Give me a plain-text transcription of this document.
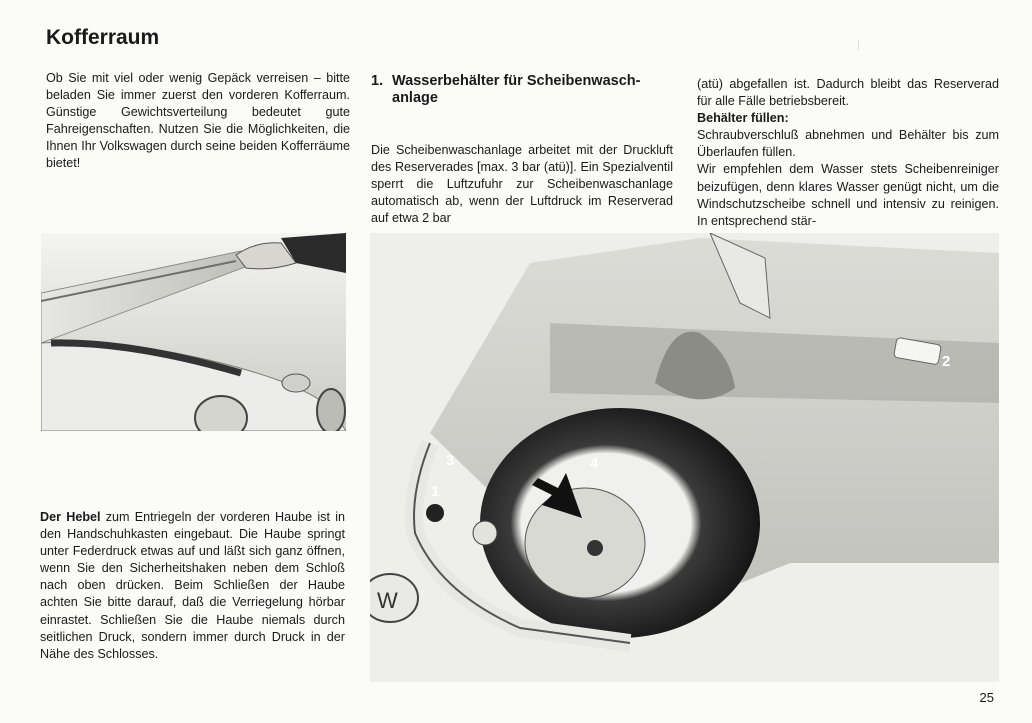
Kofferraum
Ob Sie mit viel oder wenig Gepäck verreisen – bitte beladen Sie immer zuerst den vorderen Kofferraum. Günstige Gewichtsverteilung bedeutet gute Fahreigenschaften. Nutzen Sie die Möglichkeiten, die Ihnen Ihr Volkswagen durch seine beiden Kofferräume bietet!
Der Hebel zum Entriegeln der vorderen Haube ist in den Handschuhkasten eingebaut. Die Haube springt unter Federdruck etwas auf und läßt sich ganz öffnen, wenn Sie den Sicherheitshaken neben dem Schloß nach oben drücken. Beim Schließen der Haube achten Sie bitte darauf, daß die Verriegelung hörbar einrastet. Schließen Sie die Haube niemals durch seitlichen Druck, sondern immer durch Druck in der Nähe des Schlosses.
1. Wasserbehälter für Scheibenwasch-anlage
Die Scheibenwaschanlage arbeitet mit der Druckluft des Reserverades [max. 3 bar (atü)]. Ein Spezialventil sperrt die Luftzufuhr zur Scheibenwaschanlage automatisch ab, wenn der Luftdruck im Reserverad auf etwa 2 bar
(atü) abgefallen ist. Dadurch bleibt das Reserverad für alle Fälle betriebsbereit.
Behälter füllen:
Schraubverschluß abnehmen und Behälter bis zum Überlaufen füllen.
Wir empfehlen dem Wasser stets Scheibenreiniger beizufügen, denn klares Wasser genügt nicht, um die Windschutzscheibe schnell und intensiv zu reinigen. In entsprechend stär-
W
1
2
3	4
25
